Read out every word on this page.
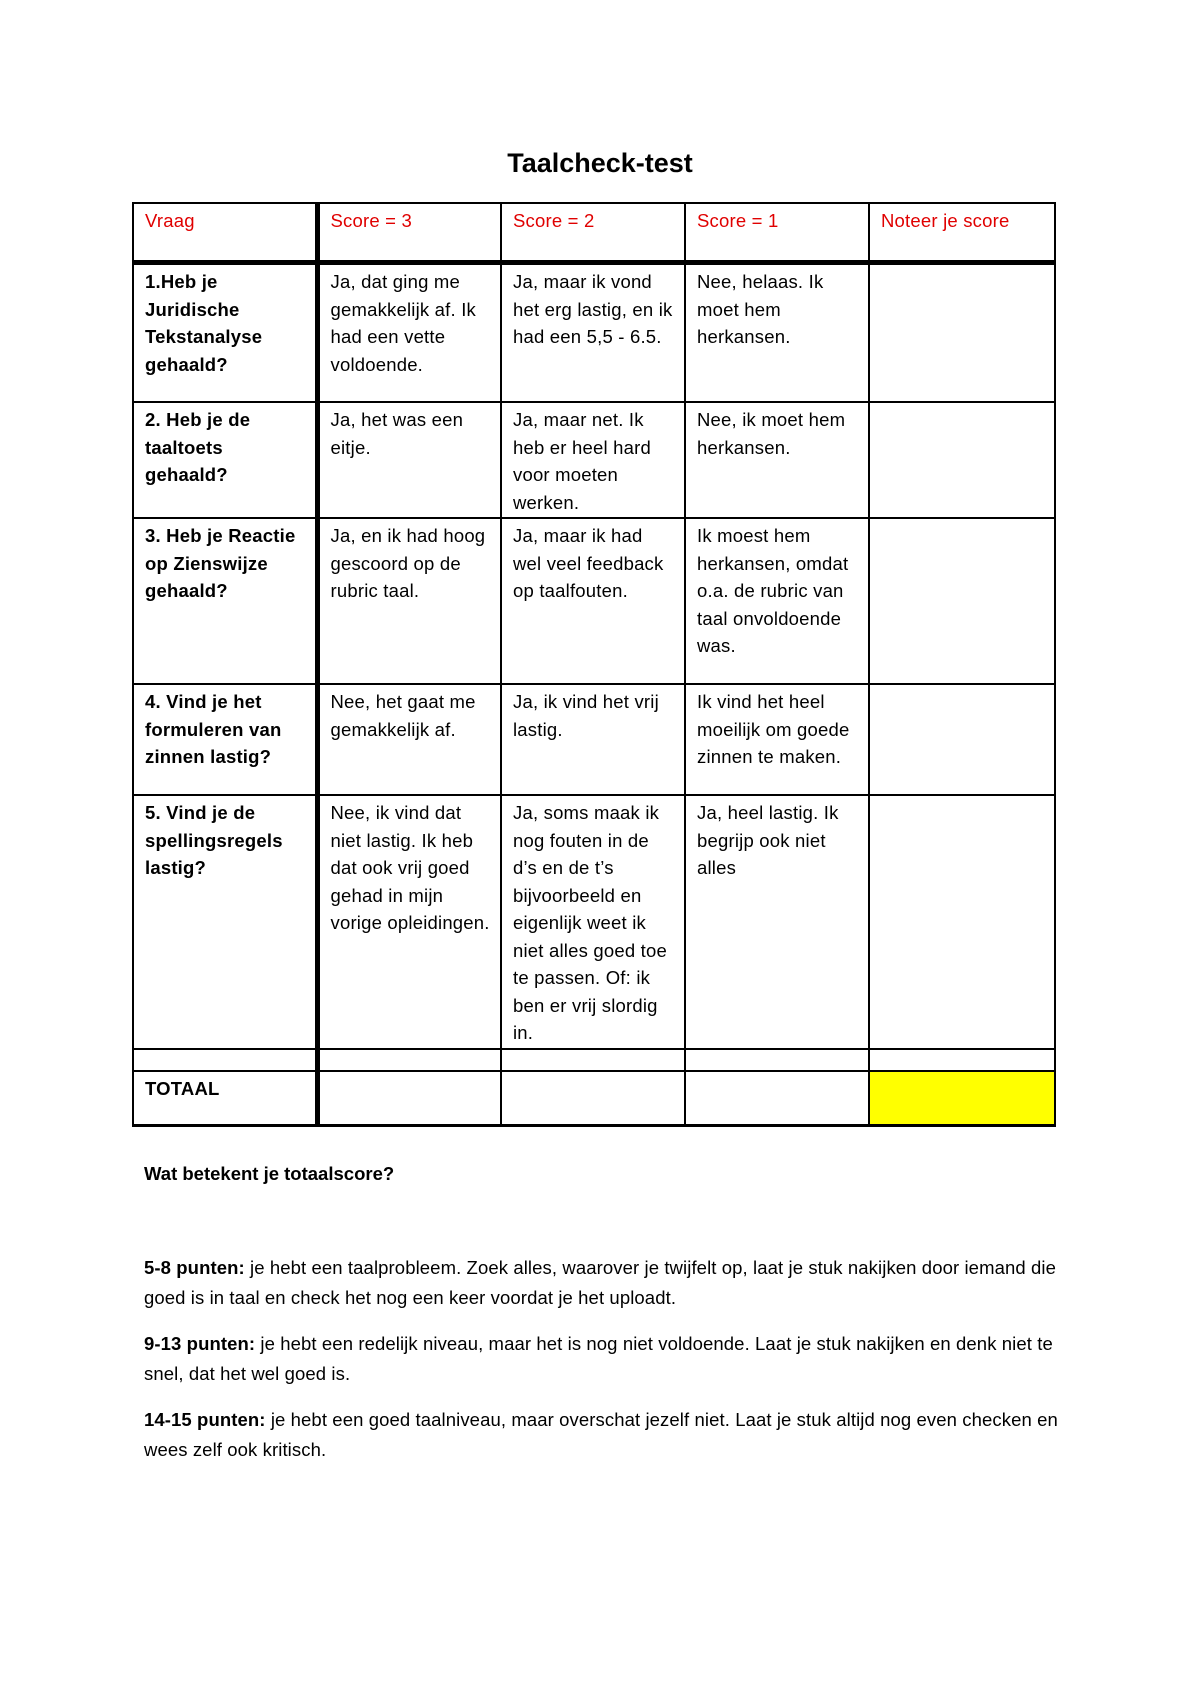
Taalcheck-test
Vraag	Score = 3	Score = 2	Score = 1	Noteer je score
1.Heb je Juridische Tekstanalyse gehaald?	Ja, dat ging me gemakkelijk af. Ik had een vette voldoende.	Ja, maar ik vond het erg lastig, en ik had een 5,5 - 6.5.	Nee, helaas. Ik moet hem herkansen.	
2. Heb je de taaltoets gehaald?	Ja, het was een eitje.	Ja, maar net. Ik heb er heel hard voor moeten werken.	Nee, ik moet hem herkansen.	
3. Heb je Reactie op Zienswijze gehaald?	Ja, en ik had hoog gescoord op de rubric taal.	Ja, maar ik had wel veel feedback op taalfouten.	Ik moest hem herkansen, omdat o.a. de rubric van taal onvoldoende was.	
4. Vind je het formuleren van zinnen lastig?	Nee, het gaat me gemakkelijk af.	Ja, ik vind het vrij lastig.	Ik vind het heel moeilijk om goede zinnen te maken.	
5. Vind je de spellingsregels lastig?	Nee, ik vind dat niet lastig. Ik heb dat ook vrij goed gehad in mijn vorige opleidingen.	Ja, soms maak ik nog fouten in de d’s en de t’s bijvoorbeeld en eigenlijk weet ik niet alles goed toe te passen. Of: ik ben er vrij slordig in.	Ja, heel lastig. Ik begrijp ook niet alles	

TOTAAL				
Wat betekent je totaalscore?
5-8 punten: je hebt een taalprobleem. Zoek alles, waarover je twijfelt op, laat je stuk nakijken door iemand die goed is in taal en check het nog een keer voordat je het uploadt.
9-13 punten: je hebt een redelijk niveau, maar het is nog niet voldoende. Laat je stuk nakijken en denk niet te snel, dat het wel goed is.
14-15 punten: je hebt een goed taalniveau, maar overschat jezelf niet. Laat je stuk altijd nog even checken en wees zelf ook kritisch.
